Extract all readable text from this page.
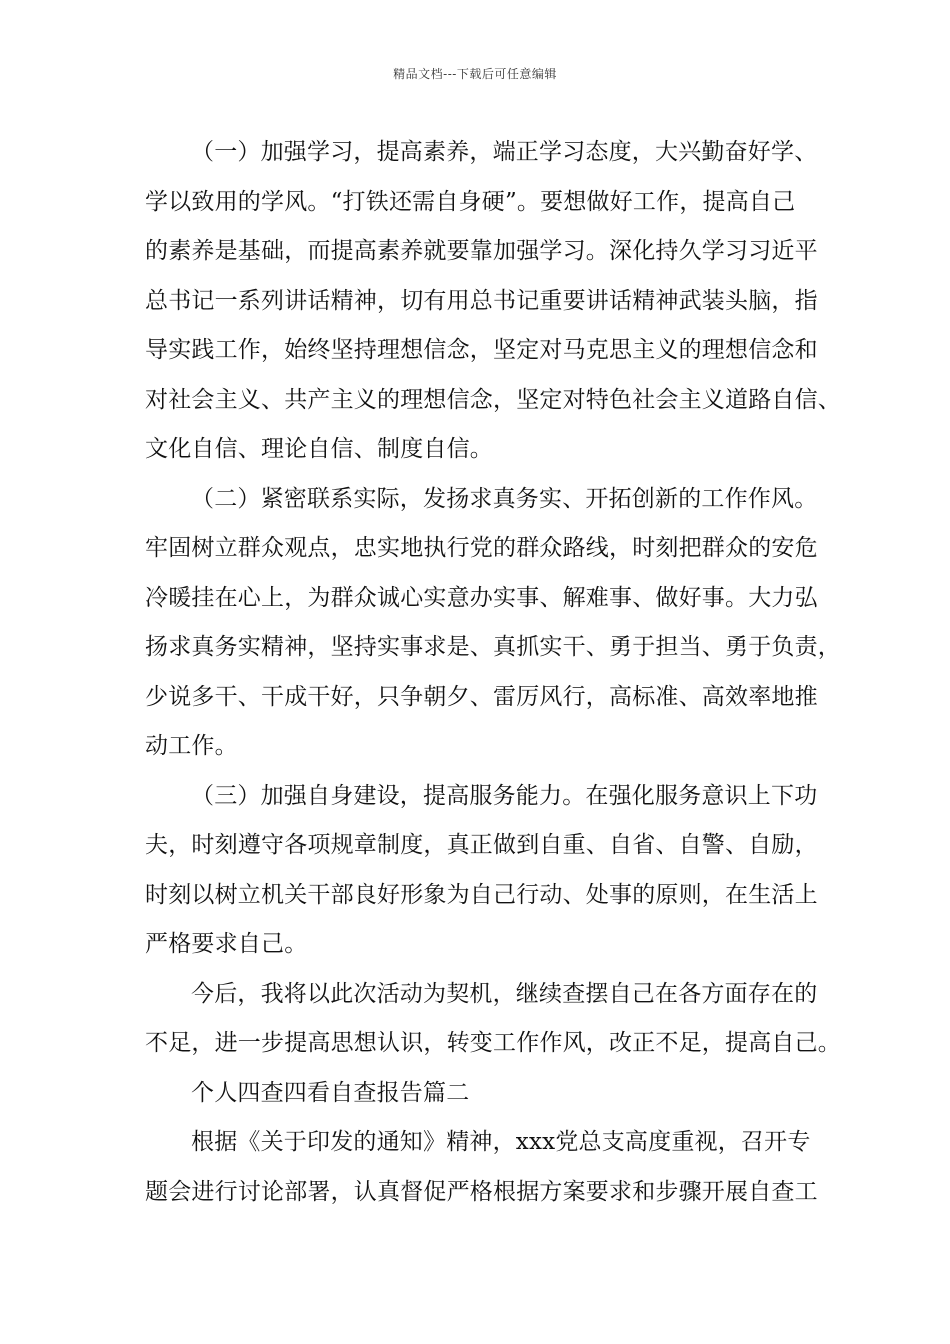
精品文档---下载后可任意编辑
（一）加强学习，提高素养，端正学习态度，大兴勤奋好学、
学以致用的学风。“打铁还需自身硬”。要想做好工作，提高自己
的素养是基础，而提高素养就要靠加强学习。深化持久学习习近平
总书记一系列讲话精神，切有用总书记重要讲话精神武装头脑，指
导实践工作，始终坚持理想信念，坚定对马克思主义的理想信念和
对社会主义、共产主义的理想信念，坚定对特色社会主义道路自信、
文化自信、理论自信、制度自信。
（二）紧密联系实际，发扬求真务实、开拓创新的工作作风。
牢固树立群众观点，忠实地执行党的群众路线，时刻把群众的安危
冷暖挂在心上，为群众诚心实意办实事、解难事、做好事。大力弘
扬求真务实精神，坚持实事求是、真抓实干、勇于担当、勇于负责，
少说多干、干成干好，只争朝夕、雷厉风行，高标准、高效率地推
动工作。
（三）加强自身建设，提高服务能力。在强化服务意识上下功
夫，时刻遵守各项规章制度，真正做到自重、自省、自警、自励，
时刻以树立机关干部良好形象为自己行动、处事的原则，在生活上
严格要求自己。
今后，我将以此次活动为契机，继续查摆自己在各方面存在的
不足，进一步提高思想认识，转变工作作风，改正不足，提高自己。
个人四查四看自查报告篇二
根据《关于印发的通知》精神，xxx党总支高度重视，召开专
题会进行讨论部署，认真督促严格根据方案要求和步骤开展自查工
